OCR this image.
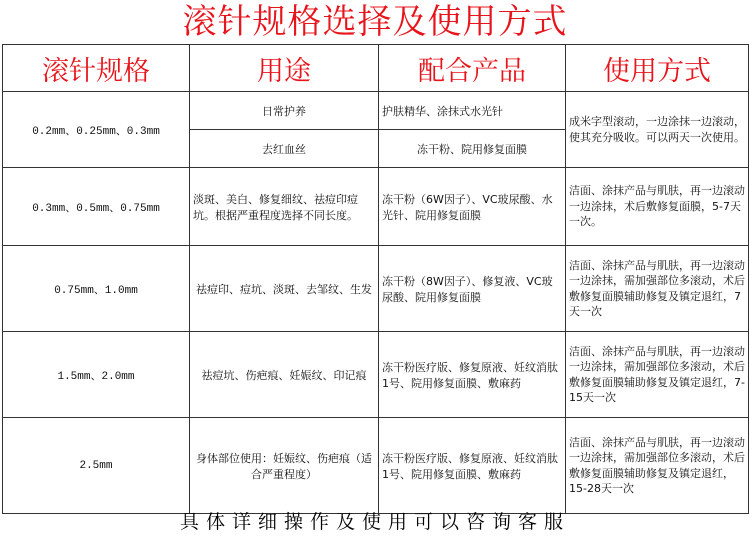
滚针规格选择及使用方式
滚针规格	用途	配合产品	使用方式
0.2mm、0.25mm、0.3mm	日常护养	护肤精华、涂抹式水光针	成米字型滚动，一边涂抹一边滚动，使其充分吸收。可以两天一次使用。
	去红血丝	冻干粉、院用修复面膜	
0.3mm、0.5mm、0.75mm	淡斑、美白、修复细纹、祛痘印痘坑。根据严重程度选择不同长度。	冻干粉（6W因子）、VC玻尿酸、水光针、院用修复面膜	洁面、涂抹产品与肌肤，再一边滚动一边涂抹，术后敷修复面膜，5-7天一次。
0.75mm、1.0mm	祛痘印、痘坑、淡斑、去邹纹、生发	冻干粉（8W因子）、修复液、VC玻尿酸、院用修复面膜	洁面、涂抹产品与肌肤，再一边滚动一边涂抹，需加强部位多滚动，术后敷修复面膜辅助修复及镇定退红，7天一次
1.5mm、2.0mm	祛痘坑、伤疤痕、妊娠纹、印记痕	冻干粉医疗版、修复原液、妊纹消肽1号、院用修复面膜、敷麻药	洁面、涂抹产品与肌肤，再一边滚动一边涂抹，需加强部位多滚动，术后敷修复面膜辅助修复及镇定退红，7-15天一次
2.5mm	身体部位使用：妊娠纹、伤疤痕（适合严重程度）	冻干粉医疗版、修复原液、妊纹消肽1号、院用修复面膜、敷麻药	洁面、涂抹产品与肌肤，再一边滚动一边涂抹，需加强部位多滚动，术后敷修复面膜辅助修复及镇定退红，15-28天一次
具体详细操作及使用可以咨询客服
